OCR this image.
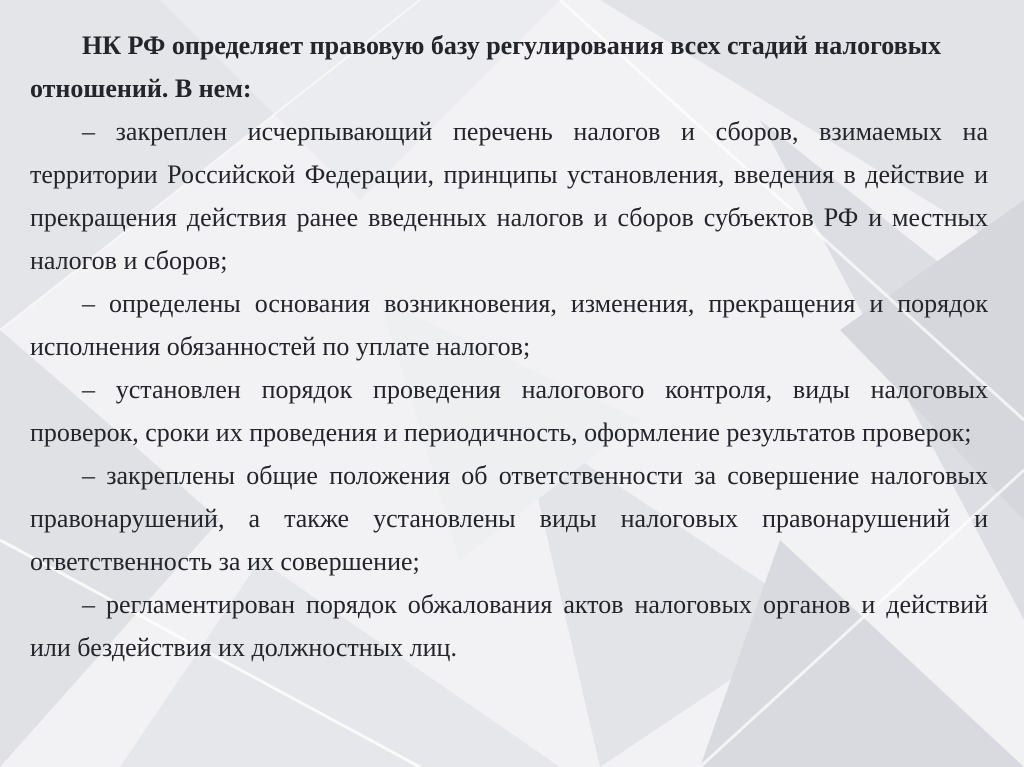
НК РФ определяет правовую базу регулирования всех стадий налоговых отношений. В нем:

– закреплен исчерпывающий перечень налогов и сборов, взимаемых на территории Российской Федерации, принципы установления, введения в действие и прекращения действия ранее введенных налогов и сборов субъектов РФ и местных налогов и сборов;

– определены основания возникновения, изменения, прекращения и порядок исполнения обязанностей по уплате налогов;

– установлен порядок проведения налогового контроля, виды налоговых проверок, сроки их проведения и периодичность, оформление результатов проверок;

– закреплены общие положения об ответственности за совершение налоговых правонарушений, а также установлены виды налоговых правонарушений и ответственность за их совершение;

– регламентирован порядок обжалования актов налоговых органов и действий или бездействия их должностных лиц.
